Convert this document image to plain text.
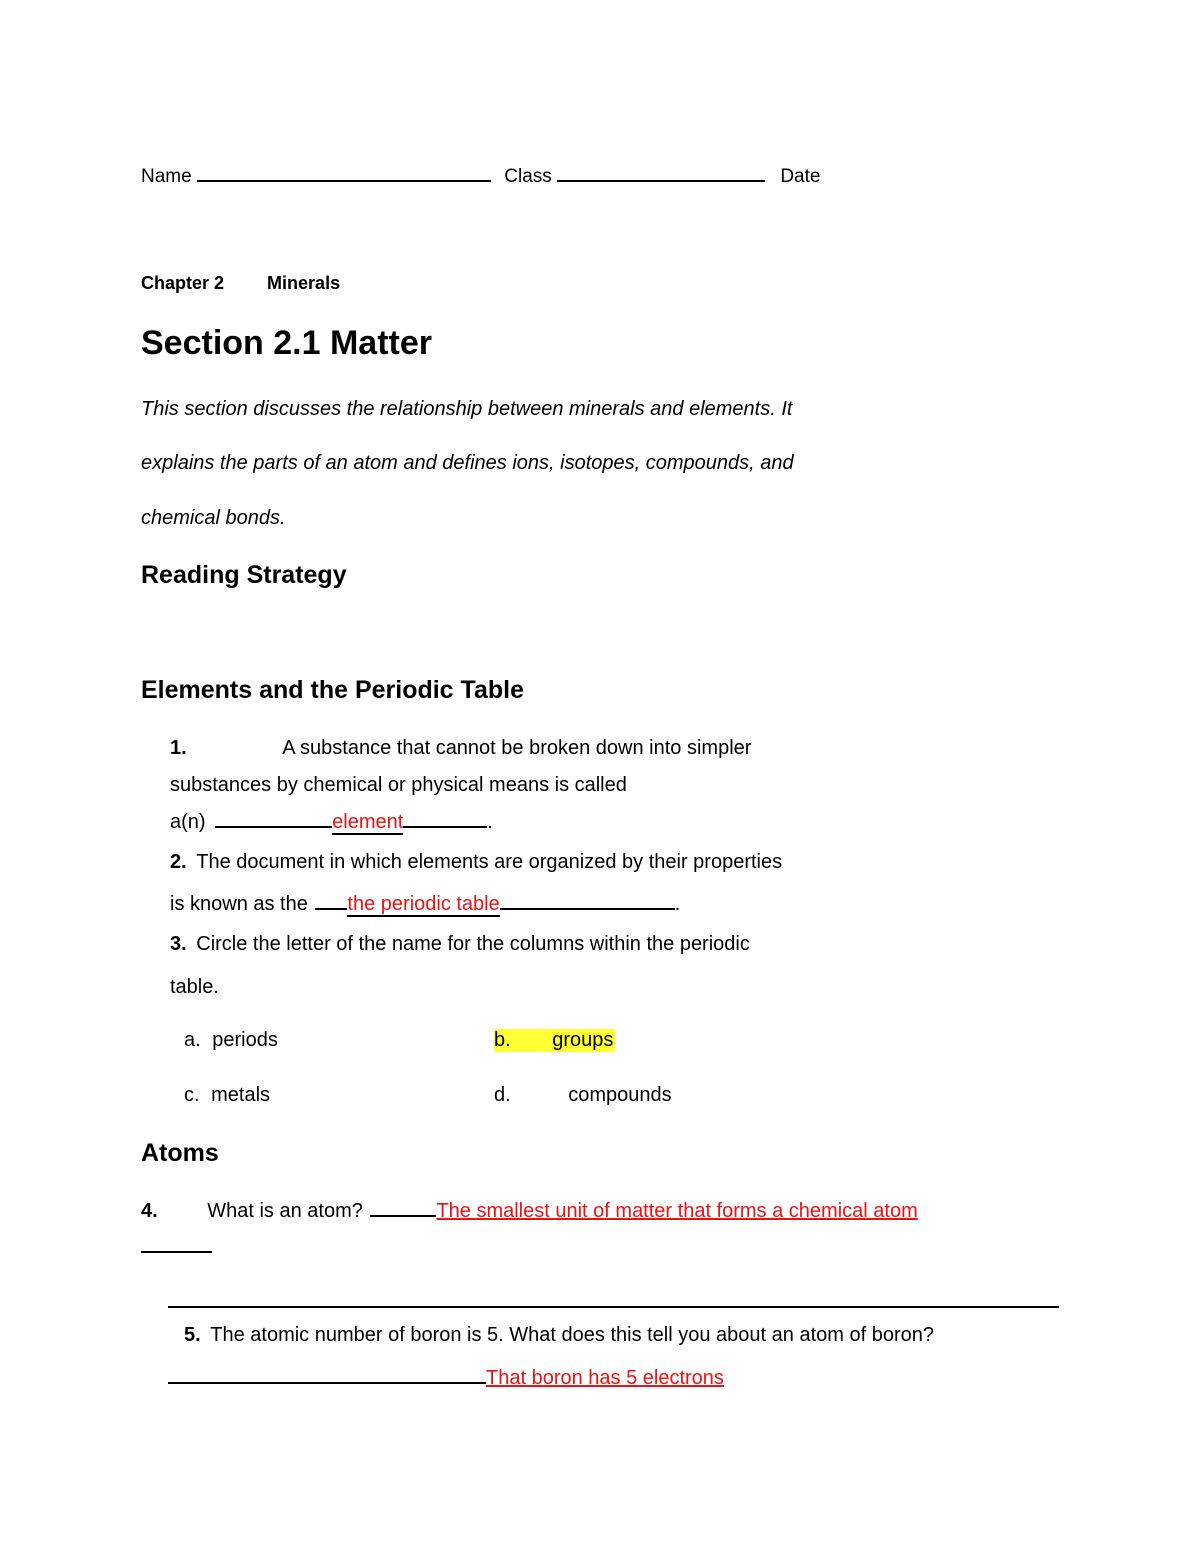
Name	Class	Date
Chapter 2 Minerals
Section 2.1 Matter
This section discusses the relationship between minerals and elements. It
explains the parts of an atom and defines ions, isotopes, compounds, and
chemical bonds.
Reading Strategy
Elements and the Periodic Table
1.	A substance that cannot be broken down into simpler
substances by chemical or physical means is called
a(n)	element	.
2. The document in which elements are organized by their properties
is known as the the periodic table	.
3. Circle the letter of the name for the columns within the periodic
table.
a. periods	b. groups
c. metals	d.	compounds
Atoms
4. What is an atom?	The smallest unit of matter that forms a chemical atom
5. The atomic number of boron is 5. What does this tell you about an atom of boron?
That boron has 5 electrons
